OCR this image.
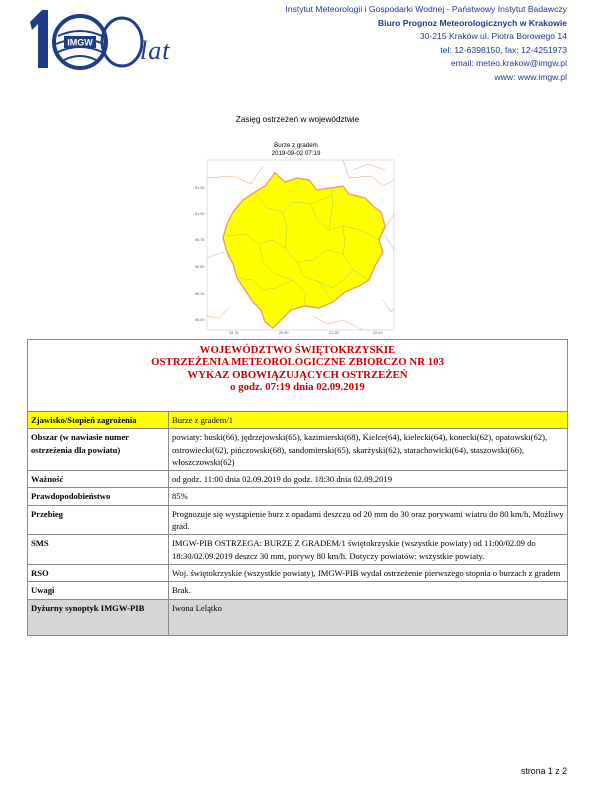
IMGW lat
Instytut Meteorologii i Gospodarki Wodnej - Państwowy Instytut Badawczy
Biuro Prognoz Meteorologicznych w Krakowie
30-215 Kraków ul. Piotra Borowego 14
tel: 12-6398150, fax: 12-4251973
email: meteo.krakow@imgw.pl
www: www.imgw.pl
Zasięg ostrzeżeń w województwie
Burze z gradem
2019-09-02 07:19
51.25
51.00
50.75
50.50
50.25
50.00
19.75	20.50	21.25	22.00
WOJEWÓDZTWO ŚWIĘTOKRZYSKIE
OSTRZEŻENIA METEOROLOGICZNE ZBIORCZO NR 103
WYKAZ OBOWIĄZUJĄCYCH OSTRZEŻEŃ
o godz. 07:19 dnia 02.09.2019	

Zjawisko/Stopień zagrożenia	Burze z gradem/1
Obszar (w nawiasie numer ostrzeżenia dla powiatu)	powiaty: buski(66), jędrzejowski(65), kazimierski(68), Kielce(64), kielecki(64), konecki(62), opatowski(62), ostrowiecki(62), pińczowski(68), sandomierski(65), skarżyski(62), starachowicki(64), staszowski(66), włoszczowski(62)
Ważność	od godz. 11:00 dnia 02.09.2019 do godz. 18:30 dnia 02.09.2019
Prawdopodobieństwo	85%
Przebieg	Prognozuje się wystąpienie burz z opadami deszczu od 20 mm do 30 oraz porywami wiatru do 80 km/h. Możliwy grad.
SMS	IMGW-PIB OSTRZEGA: BURZE Z GRADEM/1 świętokrzyskie (wszystkie powiaty) od 11:00/02.09 do 18:30/02.09.2019 deszcz 30 mm, porywy 80 km/h. Dotyczy powiatów: wszystkie powiaty.
RSO	Woj. świętokrzyskie (wszystkie powiaty), IMGW-PIB wydał ostrzeżenie pierwszego stopnia o burzach z gradem
Uwagi	Brak.
Dyżurny synoptyk IMGW-PIB	Iwona Lelątko
strona 1 z 2
